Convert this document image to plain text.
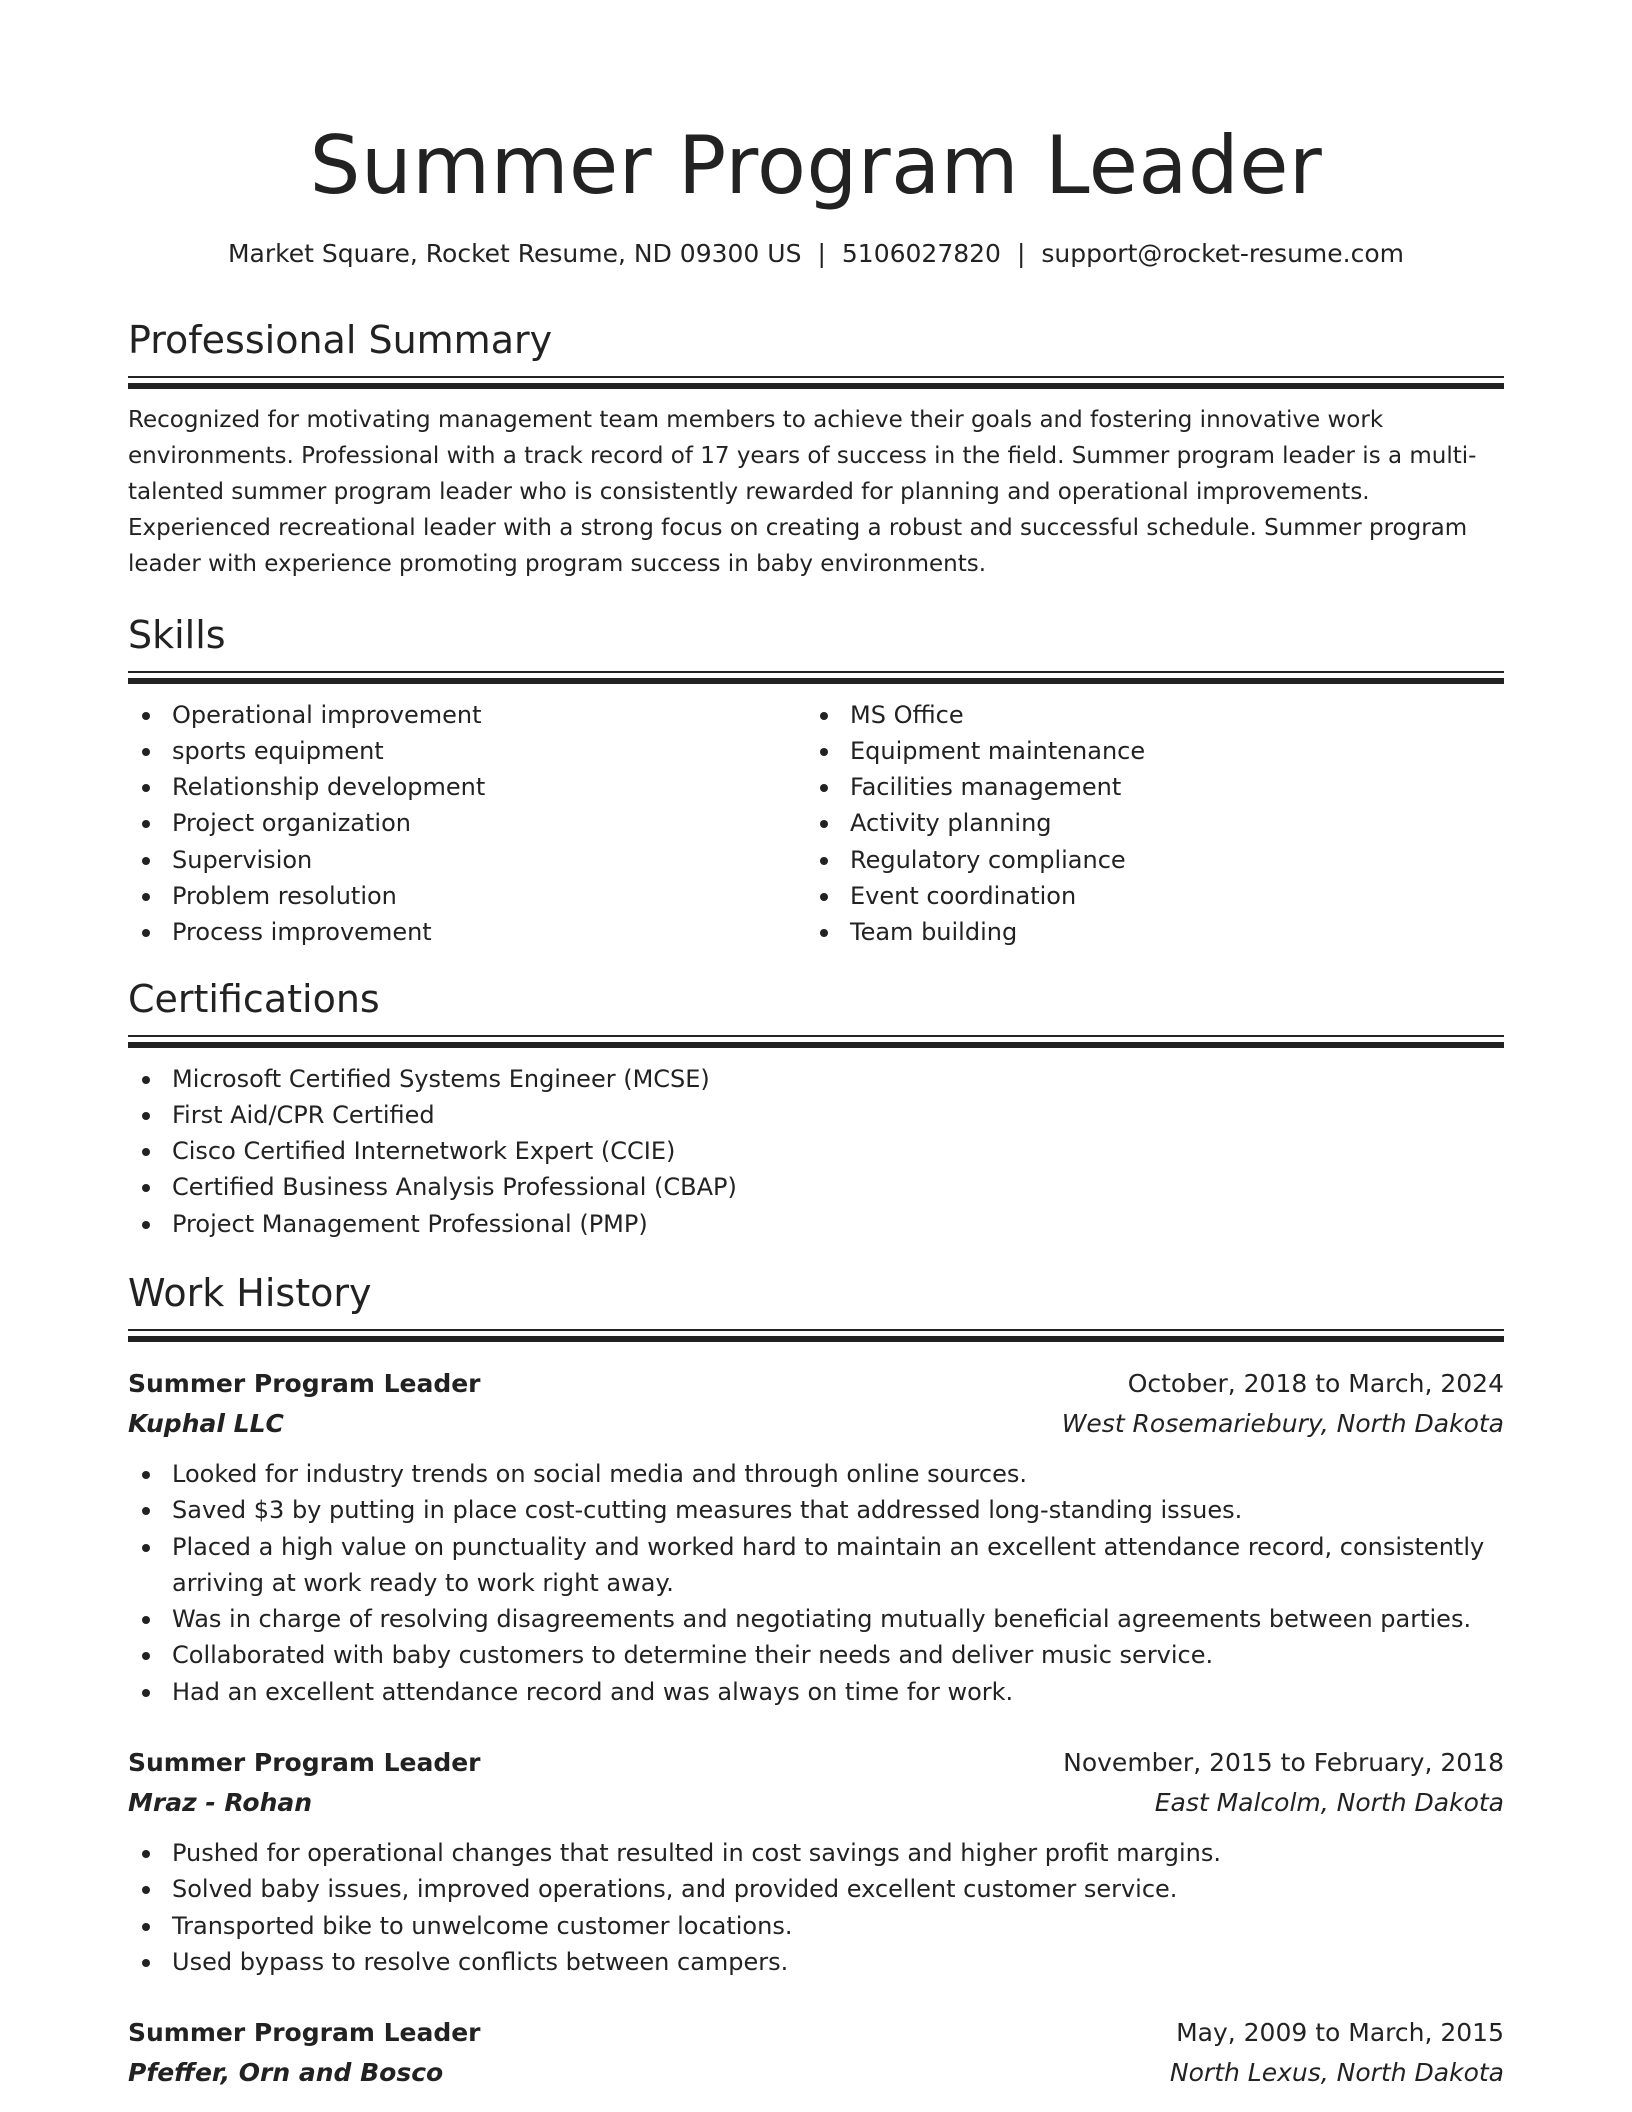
Summer Program Leader
Market Square, Rocket Resume, ND 09300 US | 5106027820 | support@rocket-resume.com
Professional Summary

Recognized for motivating management team members to achieve their goals and fostering innovative work environments. Professional with a track record of 17 years of success in the field. Summer program leader is a multi-talented summer program leader who is consistently rewarded for planning and operational improvements. Experienced recreational leader with a strong focus on creating a robust and successful schedule. Summer program leader with experience promoting program success in baby environments.

Skills
Operational improvement
sports equipment
Relationship development
Project organization
Supervision
Problem resolution
Process improvement
MS Office
Equipment maintenance
Facilities management
Activity planning
Regulatory compliance
Event coordination
Team building
Certifications
Microsoft Certified Systems Engineer (MCSE)
First Aid/CPR Certified
Cisco Certified Internetwork Expert (CCIE)
Certified Business Analysis Professional (CBAP)
Project Management Professional (PMP)
Work History
Summer Program Leader	October, 2018 to March, 2024
Kuphal LLC	West Rosemariebury, North Dakota
Looked for industry trends on social media and through online sources.
Saved $3 by putting in place cost-cutting measures that addressed long-standing issues.
Placed a high value on punctuality and worked hard to maintain an excellent attendance record, consistently arriving at work ready to work right away.
Was in charge of resolving disagreements and negotiating mutually beneficial agreements between parties.
Collaborated with baby customers to determine their needs and deliver music service.
Had an excellent attendance record and was always on time for work.
Summer Program Leader	November, 2015 to February, 2018
Mraz - Rohan	East Malcolm, North Dakota
Pushed for operational changes that resulted in cost savings and higher profit margins.
Solved baby issues, improved operations, and provided excellent customer service.
Transported bike to unwelcome customer locations.
Used bypass to resolve conflicts between campers.
Summer Program Leader	May, 2009 to March, 2015
Pfeffer, Orn and Bosco	North Lexus, North Dakota
